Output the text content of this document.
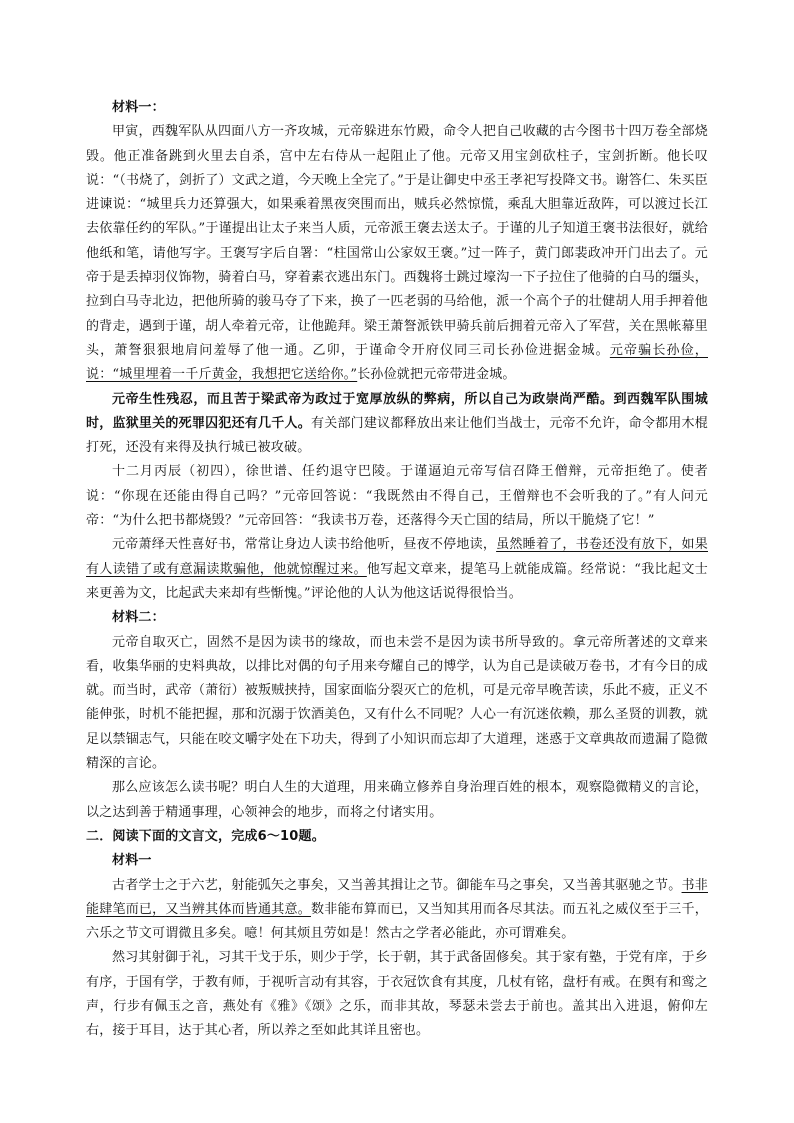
材料一：

甲寅，西魏军队从四面八方一齐攻城，元帝躲进东竹殿，命令人把自己收藏的古今图书十四万卷全部烧毁。他正准备跳到火里去自杀，宫中左右侍从一起阻止了他。元帝又用宝剑砍柱子，宝剑折断。他长叹说：“（书烧了，剑折了）文武之道，今天晚上全完了。”于是让御史中丞王孝祀写投降文书。谢答仁、朱买臣进谏说：“城里兵力还算强大，如果乘着黑夜突围而出，贼兵必然惊慌，乘乱大胆靠近敌阵，可以渡过长江去依靠任约的军队。”于谨提出让太子来当人质，元帝派王褒去送太子。于谨的儿子知道王褒书法很好，就给他纸和笔，请他写字。王褒写字后自署：“柱国常山公家奴王褒。”过一阵子，黄门郎裴政冲开门出去了。元帝于是丢掉羽仪饰物，骑着白马，穿着素衣逃出东门。西魏将士跳过壕沟一下子拉住了他骑的白马的缰头，拉到白马寺北边，把他所骑的骏马夺了下来，换了一匹老弱的马给他，派一个高个子的壮健胡人用手押着他的背走，遇到于谨，胡人牵着元帝，让他跪拜。梁王萧詧派铁甲骑兵前后拥着元帝入了军营，关在黑帐幕里头，萧詧狠狠地肩问羞辱了他一通。乙卯，于谨命令开府仪同三司长孙俭进据金城。元帝骗长孙俭，说：“城里埋着一千斤黄金，我想把它送给你。”长孙俭就把元帝带进金城。

元帝生性残忍，而且苦于梁武帝为政过于宽厚放纵的弊病，所以自己为政崇尚严酷。到西魏军队围城时，监狱里关的死罪囚犯还有几千人。有关部门建议都释放出来让他们当战士，元帝不允许，命令都用木棍打死，还没有来得及执行城已被攻破。

十二月丙辰（初四），徐世谱、任约退守巴陵。于谨逼迫元帝写信召降王僧辩，元帝拒绝了。使者说：“你现在还能由得自己吗？”元帝回答说：“我既然由不得自己，王僧辩也不会听我的了。”有人问元帝：“为什么把书都烧毁？”元帝回答：“我读书万卷，还落得今天亡国的结局，所以干脆烧了它！”

元帝萧绎天性喜好书，常常让身边人读书给他听，昼夜不停地读，虽然睡着了，书卷还没有放下，如果有人读错了或有意漏读欺骗他，他就惊醒过来。他写起文章来，提笔马上就能成篇。经常说：“我比起文士来更善为文，比起武夫来却有些惭愧。”评论他的人认为他这话说得很恰当。

材料二：

元帝自取灭亡，固然不是因为读书的缘故，而也未尝不是因为读书所导致的。拿元帝所著述的文章来看，收集华丽的史料典故，以排比对偶的句子用来夸耀自己的博学，认为自己是读破万卷书，才有今日的成就。而当时，武帝（萧衍）被叛贼挟持，国家面临分裂灭亡的危机，可是元帝早晚苦读，乐此不疲，正义不能伸张，时机不能把握，那和沉溺于饮酒美色，又有什么不同呢？人心一有沉迷依赖，那么圣贤的训教，就足以禁锢志气，只能在咬文嚼字处在下功夫，得到了小知识而忘却了大道理，迷惑于文章典故而遗漏了隐微精深的言论。

那么应该怎么读书呢？明白人生的大道理，用来确立修养自身治理百姓的根本，观察隐微精义的言论，以之达到善于精通事理，心领神会的地步，而将之付诸实用。

二．阅读下面的文言文，完成6～10题。
材料一

古者学士之于六艺，射能弧矢之事矣，又当善其揖让之节。御能车马之事矣，又当善其驱驰之节。书非能肆笔而已，又当辨其体而皆通其意。数非能布算而已，又当知其用而各尽其法。而五礼之威仪至于三千，六乐之节文可谓微且多矣。噫！何其烦且劳如是！然古之学者必能此，亦可谓难矣。

然习其射御于礼，习其干戈于乐，则少于学，长于朝，其于武备固修矣。其于家有塾，于党有庠，于乡有序，于国有学，于教有师，于视听言动有其容，于衣冠饮食有其度，几杖有铭，盘杅有戒。在舆有和鸾之声，行步有佩玉之音，燕处有《雅》《颂》之乐，而非其故，琴瑟未尝去于前也。盖其出入进退，俯仰左右，接于耳目，达于其心者，所以养之至如此其详且密也。
